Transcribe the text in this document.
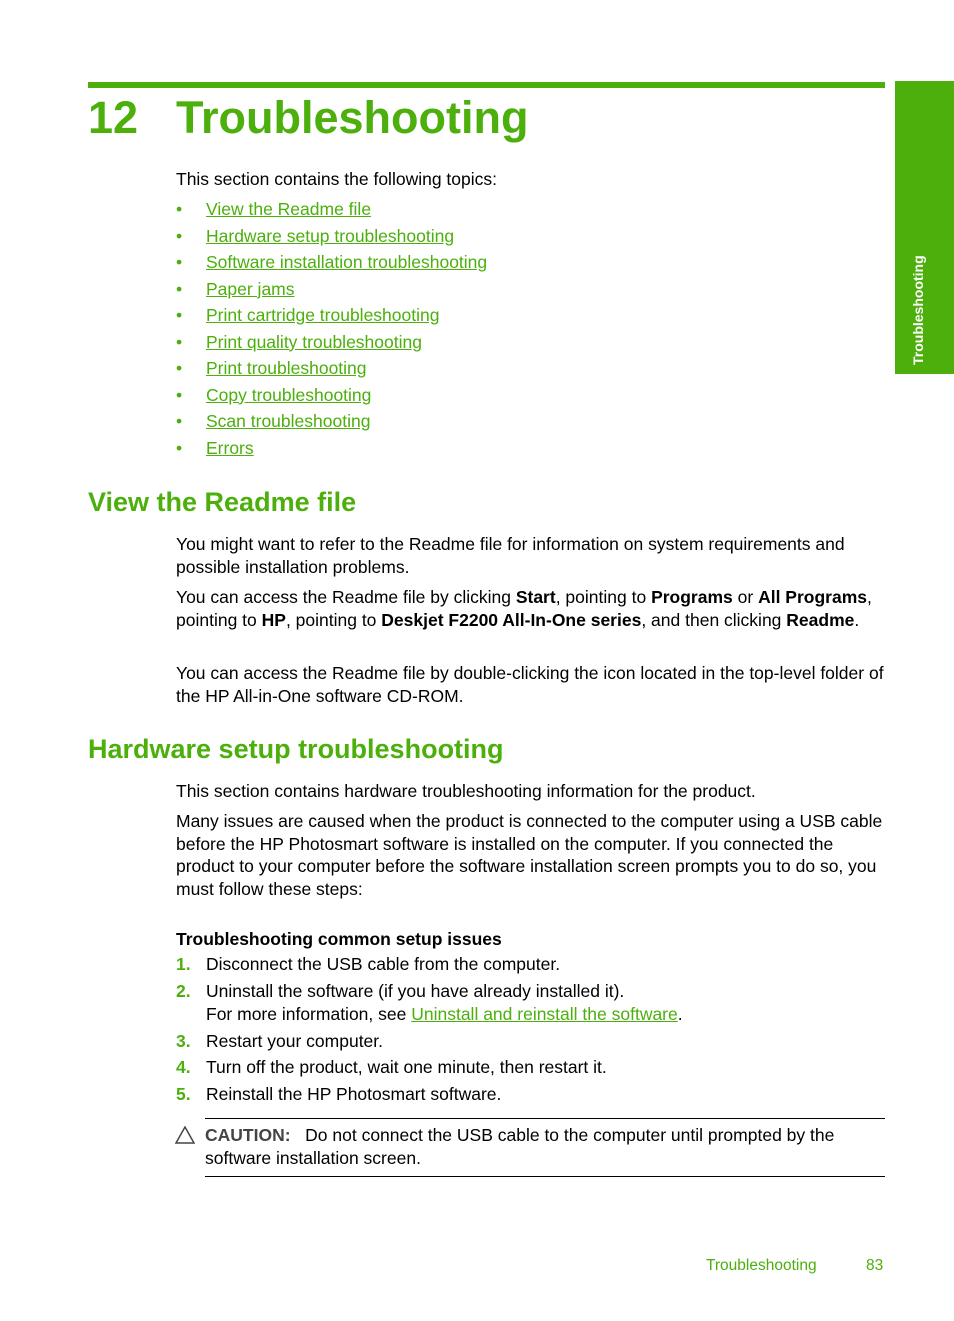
Troubleshooting
12 Troubleshooting
This section contains the following topics:
• View the Readme file
• Hardware setup troubleshooting
• Software installation troubleshooting
• Paper jams
• Print cartridge troubleshooting
• Print quality troubleshooting
• Print troubleshooting
• Copy troubleshooting
• Scan troubleshooting
• Errors
View the Readme file
You might want to refer to the Readme file for information on system requirements and possible installation problems.
You can access the Readme file by clicking Start, pointing to Programs or All Programs, pointing to HP, pointing to Deskjet F2200 All-In-One series, and then clicking Readme.
You can access the Readme file by double-clicking the icon located in the top-level folder of the HP All-in-One software CD-ROM.
Hardware setup troubleshooting
This section contains hardware troubleshooting information for the product.
Many issues are caused when the product is connected to the computer using a USB cable before the HP Photosmart software is installed on the computer. If you connected the product to your computer before the software installation screen prompts you to do so, you must follow these steps:
Troubleshooting common setup issues
1. Disconnect the USB cable from the computer.
2. Uninstall the software (if you have already installed it).
For more information, see Uninstall and reinstall the software.
3. Restart your computer.
4. Turn off the product, wait one minute, then restart it.
5. Reinstall the HP Photosmart software.
CAUTION: Do not connect the USB cable to the computer until prompted by the software installation screen.
Troubleshooting	83
